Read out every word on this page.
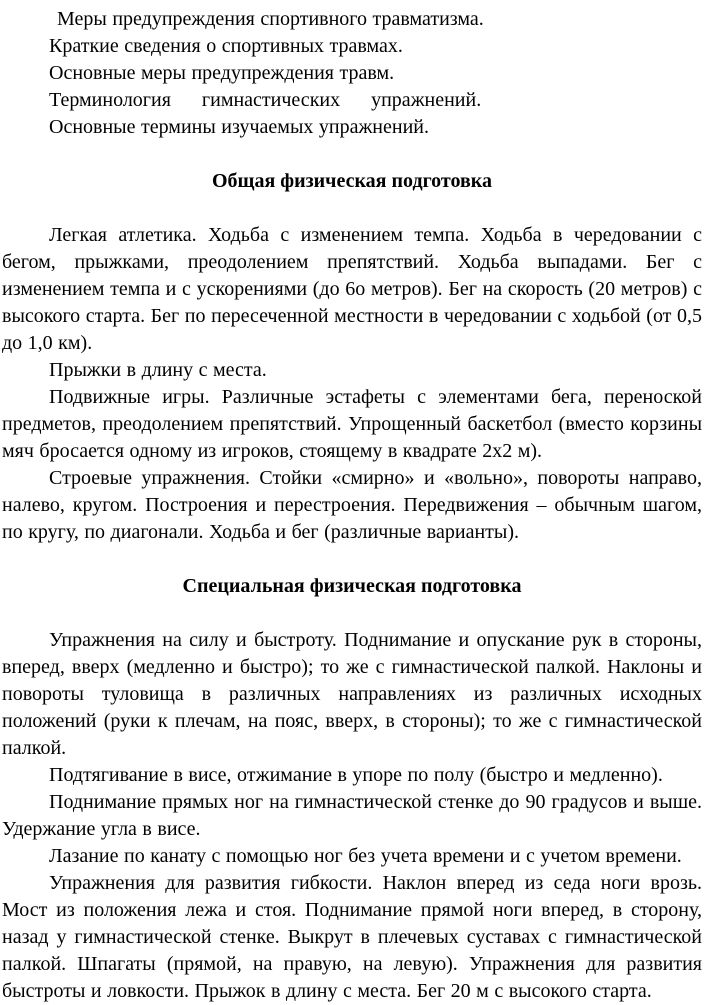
Меры предупреждения спортивного травматизма.

Краткие сведения о спортивных травмах.

Основные меры предупреждения травм.

Терминология гимнастических упражнений.

Основные термины изучаемых упражнений.

Общая физическая подготовка

Легкая атлетика. Ходьба с изменением темпа. Ходьба в чередовании с бегом, прыжками, преодолением препятствий. Ходьба выпадами. Бег с изменением темпа и с ускорениями (до 6о метров). Бег на скорость (20 метров) с высокого старта. Бег по пересеченной местности в чередовании с ходьбой (от 0,5 до 1,0 км).

Прыжки в длину с места.

Подвижные игры. Различные эстафеты с элементами бега, переноской предметов, преодолением препятствий. Упрощенный баскетбол (вместо корзины мяч бросается одному из игроков, стоящему в квадрате 2х2 м).

Строевые упражнения. Стойки «смирно» и «вольно», повороты направо, налево, кругом. Построения и перестроения. Передвижения – обычным шагом, по кругу, по диагонали. Ходьба и бег (различные варианты).

Специальная физическая подготовка

Упражнения на силу и быстроту. Поднимание и опускание рук в стороны, вперед, вверх (медленно и быстро); то же с гимнастической палкой. Наклоны и повороты туловища в различных направлениях из различных исходных положений (руки к плечам, на пояс, вверх, в стороны); то же с гимнастической палкой.

Подтягивание в висе, отжимание в упоре по полу (быстро и медленно).

Поднимание прямых ног на гимнастической стенке до 90 градусов и выше. Удержание угла в висе.

Лазание по канату с помощью ног без учета времени и с учетом времени.

Упражнения для развития гибкости. Наклон вперед из седа ноги врозь. Мост из положения лежа и стоя. Поднимание прямой ноги вперед, в сторону, назад у гимнастической стенке. Выкрут в плечевых суставах с гимнастической палкой. Шпагаты (прямой, на правую, на левую). Упражнения для развития быстроты и ловкости. Прыжок в длину с места. Бег 20 м с высокого старта.
